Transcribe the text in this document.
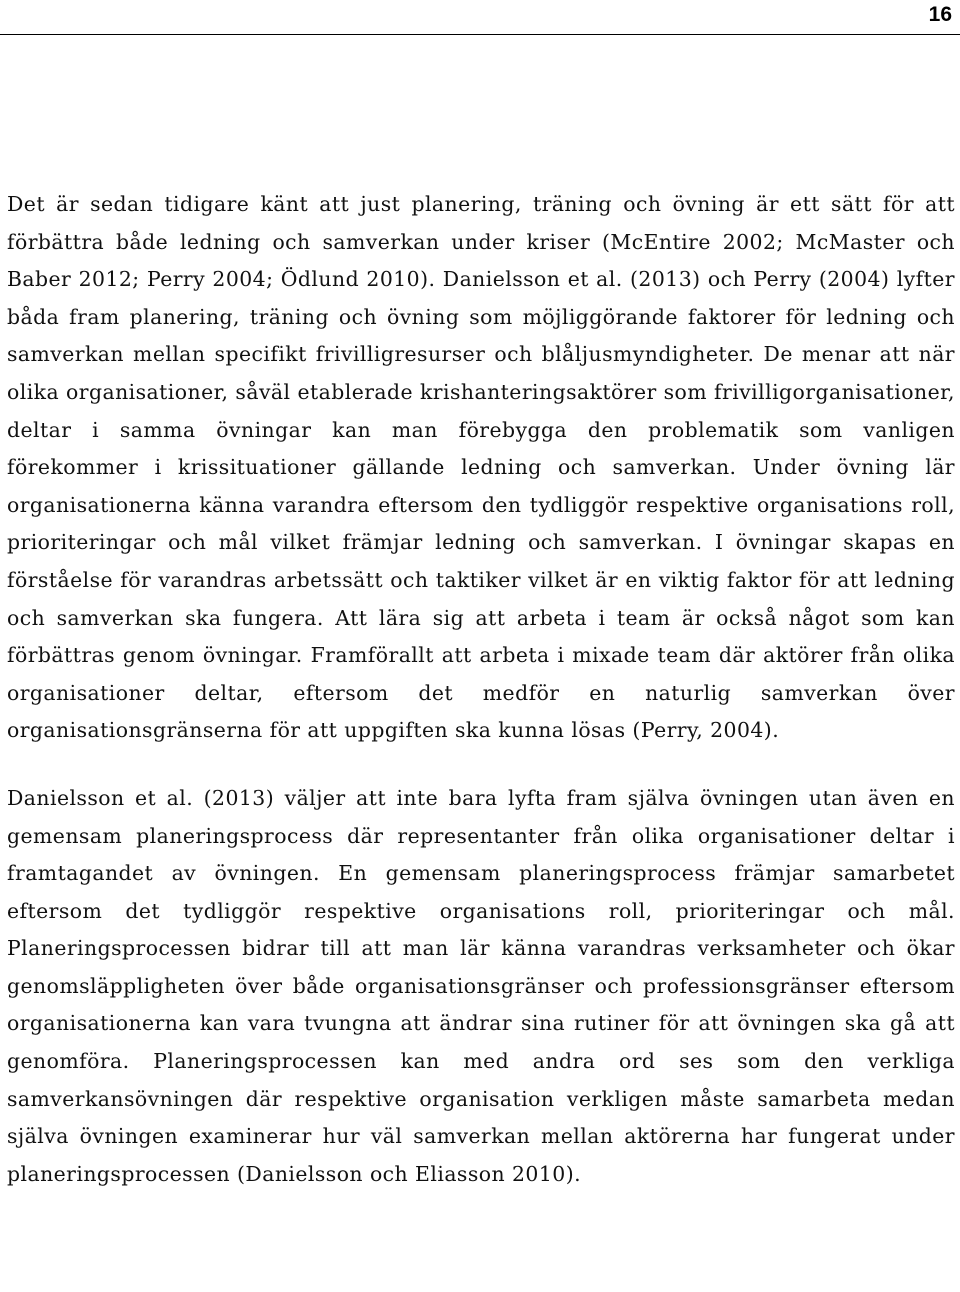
16

Det är sedan tidigare känt att just planering, träning och övning är ett sätt för att förbättra både ledning och samverkan under kriser (McEntire 2002; McMaster och Baber 2012; Perry 2004; Ödlund 2010). Danielsson et al. (2013) och Perry (2004) lyfter båda fram planering, träning och övning som möjliggörande faktorer för ledning och samverkan mellan specifikt frivilligresurser och blåljusmyndigheter. De menar att när olika organisationer, såväl etablerade krishanteringsaktörer som frivilligorganisationer, deltar i samma övningar kan man förebygga den problematik som vanligen förekommer i krissituationer gällande ledning och samverkan. Under övning lär organisationerna känna varandra eftersom den tydliggör respektive organisations roll, prioriteringar och mål vilket främjar ledning och samverkan. I övningar skapas en förståelse för varandras arbetssätt och taktiker vilket är en viktig faktor för att ledning och samverkan ska fungera. Att lära sig att arbeta i team är också något som kan förbättras genom övningar. Framförallt att arbeta i mixade team där aktörer från olika organisationer deltar, eftersom det medför en naturlig samverkan över organisationsgränserna för att uppgiften ska kunna lösas (Perry, 2004).

Danielsson et al. (2013) väljer att inte bara lyfta fram själva övningen utan även en gemensam planeringsprocess där representanter från olika organisationer deltar i framtagandet av övningen. En gemensam planeringsprocess främjar samarbetet eftersom det tydliggör respektive organisations roll, prioriteringar och mål. Planeringsprocessen bidrar till att man lär känna varandras verksamheter och ökar genomsläppligheten över både organisationsgränser och professionsgränser eftersom organisationerna kan vara tvungna att ändrar sina rutiner för att övningen ska gå att genomföra. Planeringsprocessen kan med andra ord ses som den verkliga samverkansövningen där respektive organisation verkligen måste samarbeta medan själva övningen examinerar hur väl samverkan mellan aktörerna har fungerat under planeringsprocessen (Danielsson och Eliasson 2010).
